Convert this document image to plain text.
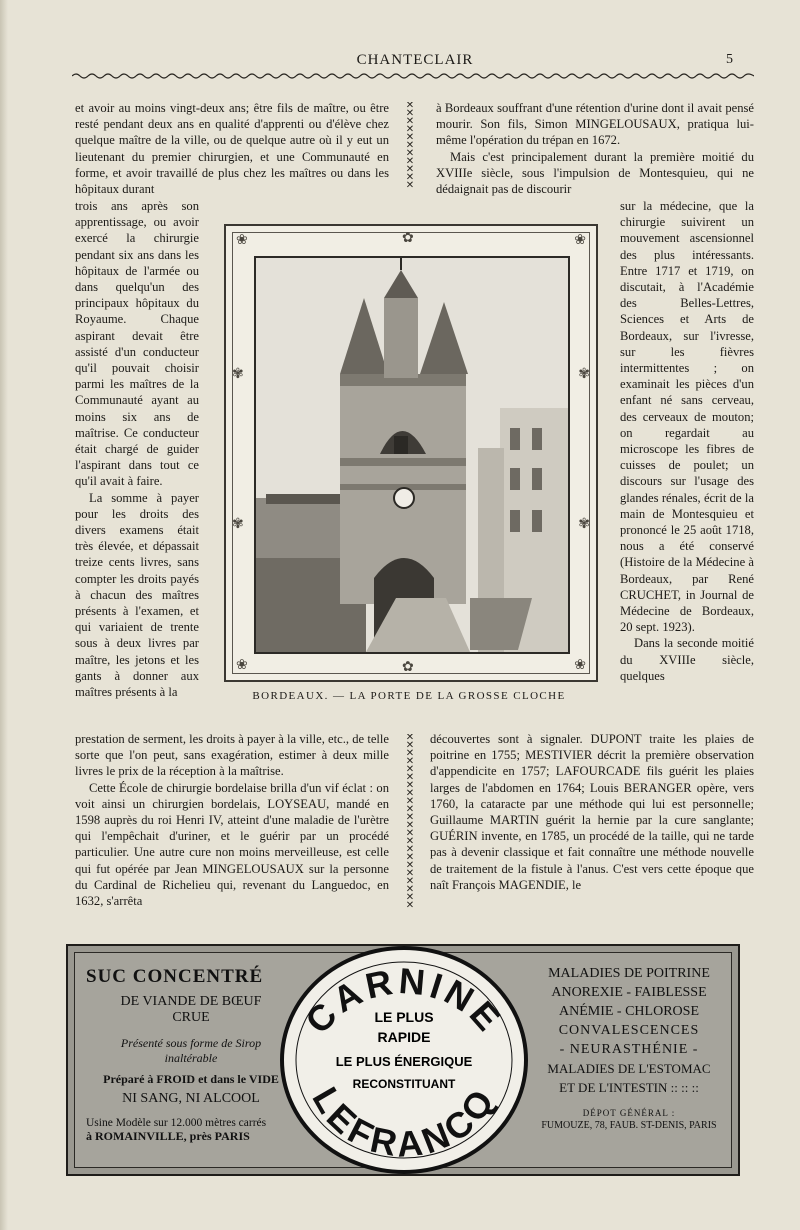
CHANTECLAIR	5

et avoir au moins vingt-deux ans; être fils de maître, ou être resté pendant deux ans en qualité d'apprenti ou d'élève chez quelque maître de la ville, ou de quelque autre où il y eut un lieutenant du premier chirurgien, et une Communauté en forme, et avoir travaillé de plus chez les maîtres ou dans les hôpitaux durant

trois ans après son apprentissage, ou avoir exercé la chirurgie pendant six ans dans les hôpitaux de l'armée ou dans quelqu'un des principaux hôpitaux du Royaume. Chaque aspirant devait être assisté d'un conducteur qu'il pouvait choisir parmi les maîtres de la Communauté ayant au moins six ans de maîtrise. Ce conducteur était chargé de guider l'aspirant dans tout ce qu'il avait à faire.

La somme à payer pour les droits des divers examens était très élevée, et dépassait treize cents livres, sans compter les droits payés à chacun des maîtres présents à l'examen, et qui variaient de trente sous à deux livres par maître, les jetons et les gants à donner aux maîtres présents à la

prestation de serment, les droits à payer à la ville, etc., de telle sorte que l'on peut, sans exagération, estimer à deux mille livres le prix de la réception à la maîtrise.

Cette École de chirurgie bordelaise brilla d'un vif éclat : on voit ainsi un chirurgien bordelais, LOYSEAU, mandé en 1598 auprès du roi Henri IV, atteint d'une maladie de l'urètre qui l'empêchait d'uriner, et le guérir par un procédé particulier. Une autre cure non moins merveilleuse, est celle qui fut opérée par Jean MINGELOUSAUX sur la personne du Cardinal de Richelieu qui, revenant du Languedoc, en 1632, s'arrêta

✕
✕
✕
✕
✕
✕
✕
✕
✕
✕
✕
✕
✕
✕
✕
✕
✕
✕
✕
✕
✕
✕
✕
✕
✕
✕
✕
✕
✕
✕
✕
✕
✕

à Bordeaux souffrant d'une rétention d'urine dont il avait pensé mourir. Son fils, Simon MINGELOUSAUX, pratiqua lui-même l'opération du trépan en 1672.

Mais c'est principalement durant la première moitié du XVIIIe siècle, sous l'impulsion de Montesquieu, qui ne dédaignait pas de discourir

sur la médecine, que la chirurgie suivirent un mouvement ascensionnel des plus intéressants. Entre 1717 et 1719, on discutait, à l'Académie des Belles-Lettres, Sciences et Arts de Bordeaux, sur l'ivresse, sur les fièvres intermittentes ; on examinait les pièces d'un enfant né sans cerveau, des cerveaux de mouton; on regardait au microscope les fibres de cuisses de poulet; un discours sur l'usage des glandes rénales, écrit de la main de Montesquieu et prononcé le 25 août 1718, nous a été conservé (Histoire de la Médecine à Bordeaux, par René CRUCHET, in Journal de Médecine de Bordeaux, 20 sept. 1923).

Dans la seconde moitié du XVIIIe siècle, quelques

découvertes sont à signaler. DUPONT traite les plaies de poitrine en 1755; MESTIVIER décrit la première observation d'appendicite en 1757; LAFOURCADE fils guérit les plaies larges de l'abdomen en 1764; Louis BERANGER opère, vers 1760, la cataracte par une méthode qui lui est personnelle; Guillaume MARTIN guérit la hernie par la cure sanglante; GUÉRIN invente, en 1785, un procédé de la taille, qui ne tarde pas à devenir classique et fait connaître une méthode nouvelle de traitement de la fistule à l'anus. C'est vers cette époque que naît François MAGENDIE, le

❀	❀
❀	❀
✿
✿
✾	✾
✾	✾
BORDEAUX. — LA PORTE DE LA GROSSE CLOCHE
SUC CONCENTRÉ
DE VIANDE DE BŒUF
CRUE
Présenté sous forme de Sirop
inaltérable
Préparé à FROID et dans le VIDE
NI SANG, NI ALCOOL
Usine Modèle sur 12.000 mètres carrés
à ROMAINVILLE, près PARIS
CARNINE
LEFRANCQ
LE PLUS
RAPIDE
LE PLUS ÉNERGIQUE
RECONSTITUANT
MALADIES DE POITRINE
ANOREXIE - FAIBLESSE
ANÉMIE - CHLOROSE
CONVALESCENCES
- NEURASTHÉNIE -
MALADIES DE L'ESTOMAC
ET DE L'INTESTIN :: :: ::
DÉPOT GÉNÉRAL :
FUMOUZE, 78, FAUB. ST-DENIS, PARIS
